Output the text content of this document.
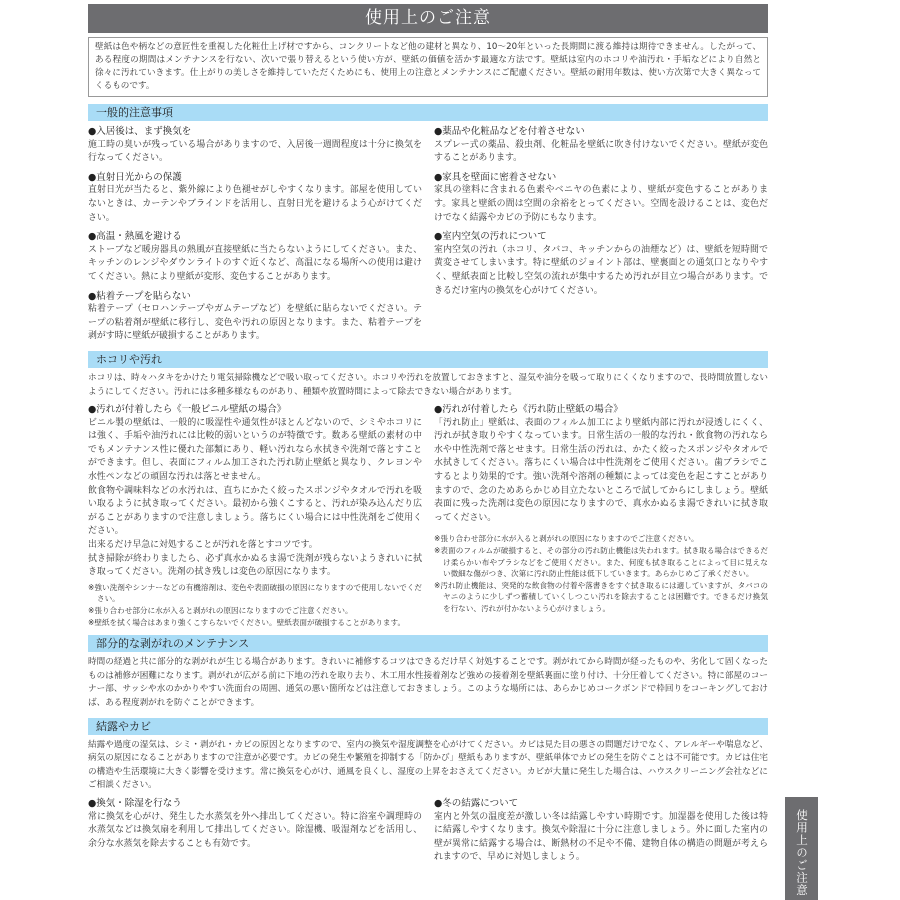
使用上のご注意
壁紙は色や柄などの意匠性を重視した化粧仕上げ材ですから、コンクリートなど他の建材と異なり、10〜20年といった長期間に渡る維持は期待できません。したがって、ある程度の期間はメンテナンスを行ない、次いで張り替えるという使い方が、壁紙の価値を活かす最適な方法です。壁紙は室内のホコリや油汚れ・手垢などにより自然と徐々に汚れていきます。仕上がりの美しさを維持していただくためにも、使用上の注意とメンテナンスにご配慮ください。壁紙の耐用年数は、使い方次第で大きく異なってくるものです。
一般的注意事項
●入居後は、まず換気を

施工時の臭いが残っている場合がありますので、入居後一週間程度は十分に換気を行なってください。

●直射日光からの保護

直射日光が当たると、紫外線により色褪せがしやすくなります。部屋を使用していないときは、カーテンやブラインドを活用し、直射日光を避けるよう心がけてください。

●高温・熱風を避ける

ストーブなど暖房器具の熱風が直接壁紙に当たらないようにしてください。また、キッチンのレンジやダウンライトのすぐ近くなど、高温になる場所への使用は避けてください。熱により壁紙が変形、変色することがあります。

●粘着テープを貼らない

粘着テープ（セロハンテープやガムテープなど）を壁紙に貼らないでください。テープの粘着剤が壁紙に移行し、変色や汚れの原因となります。また、粘着テープを剥がす時に壁紙が破損することがあります。

●薬品や化粧品などを付着させない

スプレー式の薬品、殺虫剤、化粧品を壁紙に吹き付けないでください。壁紙が変色することがあります。

●家具を壁面に密着させない

家具の塗料に含まれる色素やベニヤの色素により、壁紙が変色することがあります。家具と壁紙の間は空間の余裕をとってください。空間を設けることは、変色だけでなく結露やカビの予防にもなります。

●室内空気の汚れについて

室内空気の汚れ（ホコリ、タバコ、キッチンからの油煙など）は、壁紙を短時間で黄変させてしまいます。特に壁紙のジョイント部は、壁裏面との通気口となりやすく、壁紙表面と比較し空気の流れが集中するため汚れが目立つ場合があります。できるだけ室内の換気を心がけてください。

ホコリや汚れ

ホコリは、時々ハタキをかけたり電気掃除機などで吸い取ってください。ホコリや汚れを放置しておきますと、湿気や油分を吸って取りにくくなりますので、長時間放置しないようにしてください。汚れには多種多様なものがあり、種類や放置時間によって除去できない場合があります。

●汚れが付着したら《一般ビニル壁紙の場合》

ビニル製の壁紙は、一般的に吸湿性や通気性がほとんどないので、シミやホコリには強く、手垢や油汚れには比較的弱いというのが特徴です。数ある壁紙の素材の中でもメンテナンス性に優れた部類にあり、軽い汚れなら水拭きや洗剤で落とすことができます。但し、表面にフィルム加工された汚れ防止壁紙と異なり、クレヨンや水性ペンなどの頑固な汚れは落とせません。

飲食物や調味料などの水汚れは、直ちにかたく絞ったスポンジやタオルで汚れを吸い取るように拭き取ってください。最初から強くこすると、汚れが染み込んだり広がることがありますので注意しましょう。落ちにくい場合には中性洗剤をご使用ください。

出来るだけ早急に対処することが汚れを落とすコツです。

拭き掃除が終わりましたら、必ず真水かぬるま湯で洗剤が残らないようきれいに拭き取ってください。洗剤の拭き残しは変色の原因になります。

※強い洗剤やシンナーなどの有機溶剤は、変色や表面破損の原因になりますので使用しないでください。

※張り合わせ部分に水が入ると剥がれの原因になりますのでご注意ください。

※壁紙を拭く場合はあまり強くこすらないでください。壁紙表面が破損することがあります。

●汚れが付着したら《汚れ防止壁紙の場合》

「汚れ防止」壁紙は、表面のフィルム加工により壁紙内部に汚れが浸透しにくく、汚れが拭き取りやすくなっています。日常生活の一般的な汚れ・飲食物の汚れなら水や中性洗剤で落とせます。日常生活の汚れは、かたく絞ったスポンジやタオルで水拭きしてください。落ちにくい場合は中性洗剤をご使用ください。歯ブラシでこするとより効果的です。強い洗剤や溶剤の種類によっては変色を起こすことがありますので、念のためあらかじめ目立たないところで試してからにしましょう。壁紙表面に残った洗剤は変色の原因になりますので、真水かぬるま湯できれいに拭き取ってください。

※張り合わせ部分に水が入ると剥がれの原因になりますのでご注意ください。

※表面のフィルムが破損すると、その部分の汚れ防止機能は失われます。拭き取る場合はできるだけ柔らかい布やブラシなどをご使用ください。また、何度も拭き取ることによって目に見えない微細な傷がつき、次第に汚れ防止性能は低下していきます。あらかじめご了承ください。

※汚れ防止機能は、突発的な飲食物の付着や落書きをすぐ拭き取るには適していますが、タバコのヤニのように少しずつ蓄積していくしつこい汚れを除去することは困難です。できるだけ換気を行ない、汚れが付かないよう心がけましょう。

部分的な剥がれのメンテナンス

時間の経過と共に部分的な剥がれが生じる場合があります。きれいに補修するコツはできるだけ早く対処することです。剥がれてから時間が経ったものや、劣化して固くなったものは補修が困難になります。剥がれが広がる前に下地の汚れを取り去り、木工用水性接着剤など強めの接着剤を壁紙裏面に塗り付け、十分圧着してください。特に部屋のコーナー部、サッシや水のかかりやすい洗面台の周囲、通気の悪い箇所などは注意しておきましょう。このような場所には、あらかじめコークボンドで枠回りをコーキングしておけば、ある程度剥がれを防ぐことができます。

結露やカビ

結露や過度の湿気は、シミ・剥がれ・カビの原因となりますので、室内の換気や湿度調整を心がけてください。カビは見た目の悪さの問題だけでなく、アレルギーや喘息など、病気の原因になることがありますので注意が必要です。カビの発生や繁殖を抑制する「防かび」壁紙もありますが、壁紙単体でカビの発生を防ぐことは不可能です。カビは住宅の構造や生活環境に大きく影響を受けます。常に換気を心がけ、通風を良くし、湿度の上昇をおさえてください。カビが大量に発生した場合は、ハウスクリーニング会社などにご相談ください。

●換気・除湿を行なう

常に換気を心がけ、発生した水蒸気を外へ排出してください。特に浴室や調理時の水蒸気などは換気扇を利用して排出してください。除湿機、吸湿剤などを活用し、余分な水蒸気を除去することも有効です。

●冬の結露について

室内と外気の温度差が激しい冬は結露しやすい時期です。加湿器を使用した後は特に結露しやすくなります。換気や除湿に十分に注意しましょう。外に面した室内の壁が異常に結露する場合は、断熱材の不足や不備、建物自体の構造の問題が考えられますので、早めに対処しましょう。	使用上のご注意
